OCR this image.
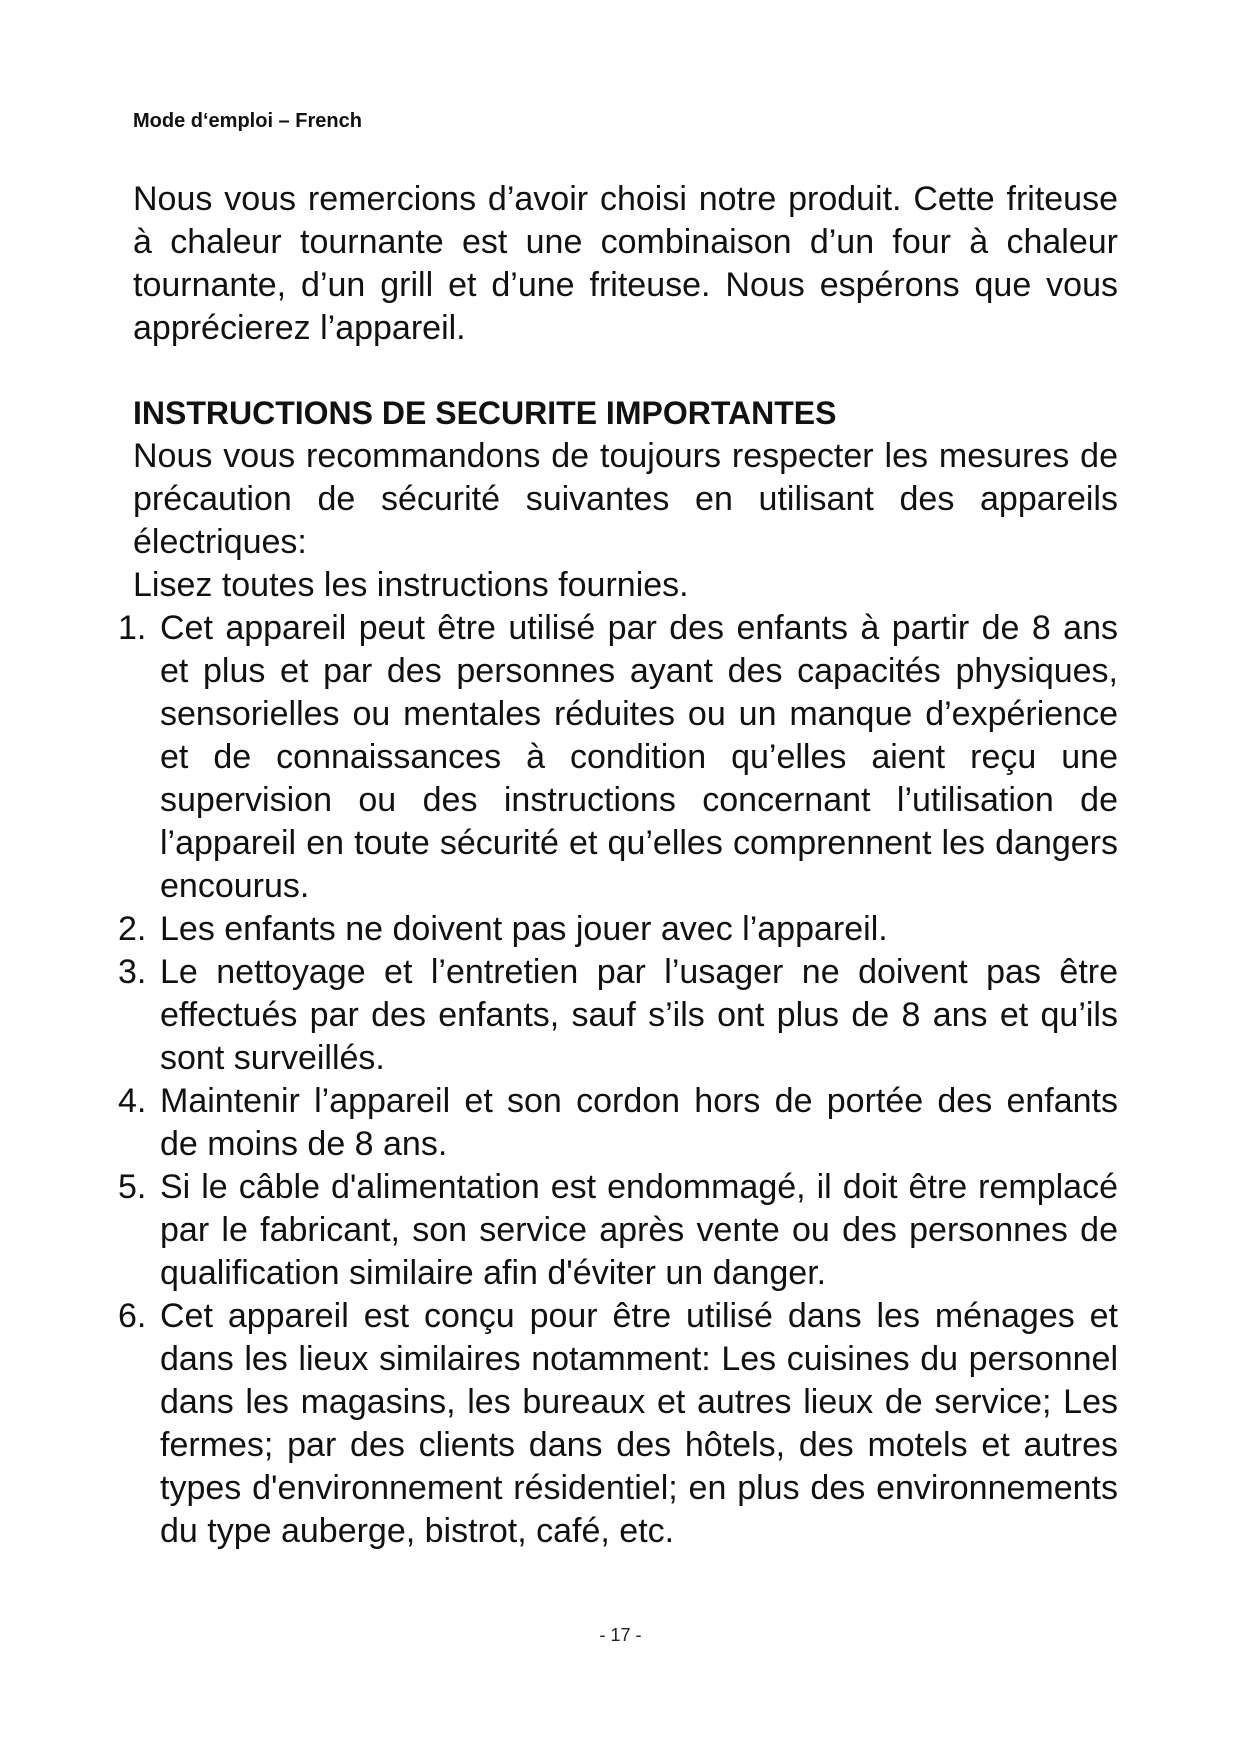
Mode d‘emploi – French

Nous vous remercions d’avoir choisi notre produit. Cette friteuse à chaleur tournante est une combinaison d’un four à chaleur tournante, d’un grill et d’une friteuse. Nous espérons que vous apprécierez l’appareil.

INSTRUCTIONS DE SECURITE IMPORTANTES

Nous vous recommandons de toujours respecter les mesures de précaution de sécurité suivantes en utilisant des appareils électriques:

Lisez toutes les instructions fournies.

1. Cet appareil peut être utilisé par des enfants à partir de 8 ans et plus et par des personnes ayant des capacités physiques, sensorielles ou mentales réduites ou un manque d’expérience et de connaissances à condition qu’elles aient reçu une supervision ou des instructions concernant l’utilisation de l’appareil en toute sécurité et qu’elles comprennent les dangers encourus.
2. Les enfants ne doivent pas jouer avec l’appareil.
3. Le nettoyage et l’entretien par l’usager ne doivent pas être effectués par des enfants, sauf s’ils ont plus de 8 ans et qu’ils sont surveillés.
4. Maintenir l’appareil et son cordon hors de portée des enfants de moins de 8 ans.
5. Si le câble d'alimentation est endommagé, il doit être remplacé par le fabricant, son service après vente ou des personnes de qualification similaire afin d'éviter un danger.
6. Cet appareil est conçu pour être utilisé dans les ménages et dans les lieux similaires notamment: Les cuisines du personnel dans les magasins, les bureaux et autres lieux de service; Les fermes; par des clients dans des hôtels, des motels et autres types d'environnement résidentiel; en plus des environnements du type auberge, bistrot, café, etc.
- 17 -
